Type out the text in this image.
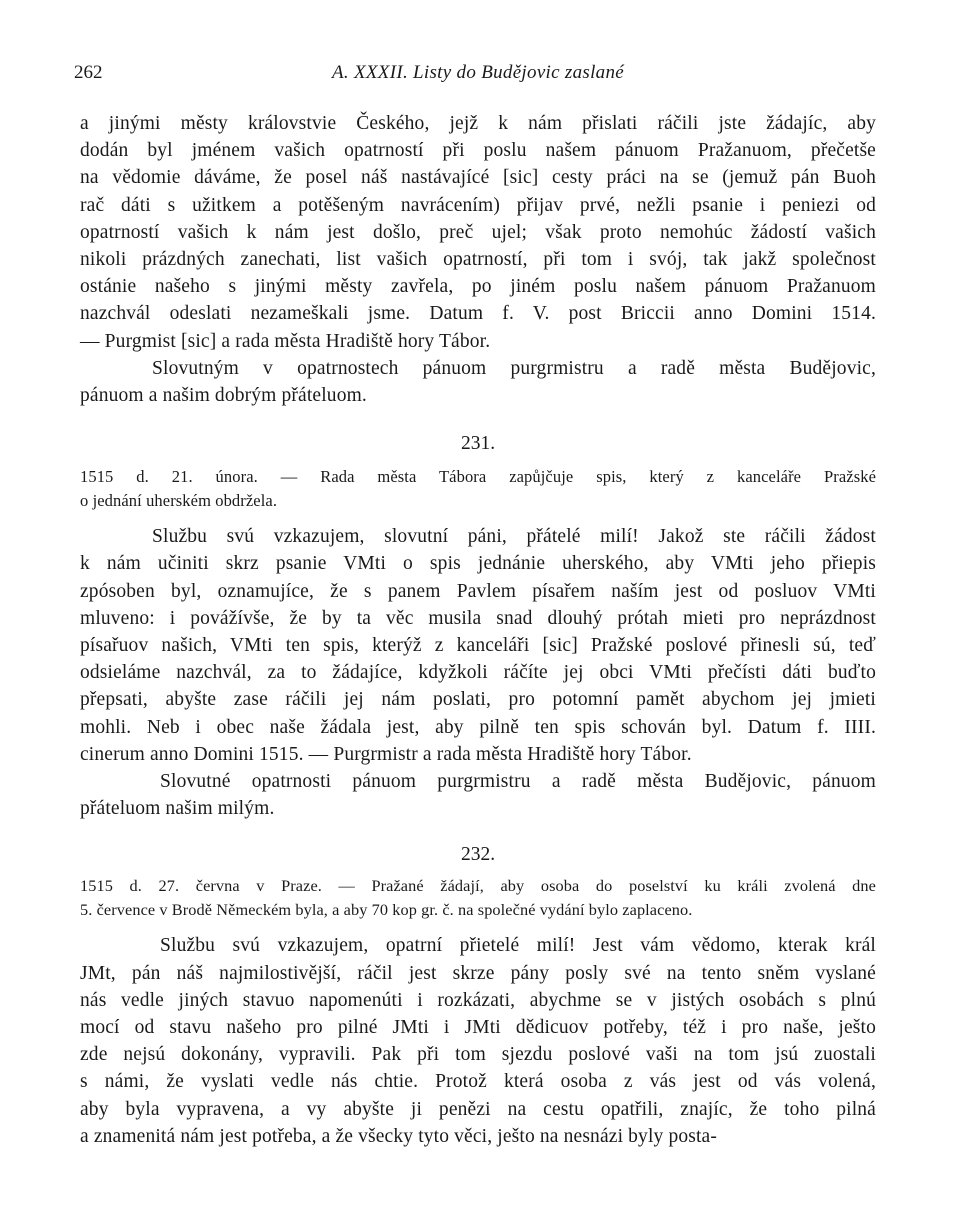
262	A. XXXII. Listy do Budějovic zaslané

a jinými městy královstvie Českého, jejž k nám přislati ráčili jste žádajíc, aby
dodán byl jménem vašich opatrností při poslu našem pánuom Pražanuom, přečetše
na vědomie dáváme, že posel náš nastávajícé [sic] cesty práci na se (jemuž pán Buoh
rač dáti s užitkem a potěšeným navrácením) přijav prvé, nežli psanie i peniezi od
opatrností vašich k nám jest došlo, preč ujel; však proto nemohúc žádostí vašich
nikoli prázdných zanechati, list vašich opatrností, při tom i svój, tak jakž společnost
ostánie našeho s jinými městy zavřela, po jiném poslu našem pánuom Pražanuom
nazchvál odeslati nezameškali jsme. Datum f. V. post Briccii anno Domini 1514.
— Purgmist [sic] a rada města Hradiště hory Tábor.

Slovutným v opatrnostech pánuom purgrmistru a radě města Budějovic,
pánuom a našim dobrým přáteluom.

231.

1515 d. 21. února. — Rada města Tábora zapůjčuje spis, který z kanceláře Pražské
o jednání uherském obdržela.

Službu svú vzkazujem, slovutní páni, přátelé milí! Jakož ste ráčili žádost
k nám učiniti skrz psanie VMti o spis jednánie uherského, aby VMti jeho přiepis
zpósoben byl, oznamujíce, že s panem Pavlem písařem naším jest od posluov VMti
mluveno: i povážívše, že by ta věc musila snad dlouhý prótah mieti pro neprázdnost
písařuov našich, VMti ten spis, kterýž z kanceláři [sic] Pražské poslové přinesli sú, teď
odsieláme nazchvál, za to žádajíce, kdyžkoli ráčíte jej obci VMti přečísti dáti buďto
přepsati, abyšte zase ráčili jej nám poslati, pro potomní pamět abychom jej jmieti
mohli. Neb i obec naše žádala jest, aby pilně ten spis schován byl. Datum f. IIII.
cinerum anno Domini 1515. — Purgrmistr a rada města Hradiště hory Tábor.

Slovutné opatrnosti pánuom purgrmistru a radě města Budějovic, pánuom
přáteluom našim milým.

232.

1515 d. 27. června v Praze. — Pražané žádají, aby osoba do poselství ku králi zvolená dne
5. července v Brodě Německém byla, a aby 70 kop gr. č. na společné vydání bylo zaplaceno.

Službu svú vzkazujem, opatrní přietelé milí! Jest vám vědomo, kterak král
JMt, pán náš najmilostivější, ráčil jest skrze pány posly své na tento sněm vyslané
nás vedle jiných stavuo napomenúti i rozkázati, abychme se v jistých osobách s plnú
mocí od stavu našeho pro pilné JMti i JMti dědicuov potřeby, též i pro naše, ješto
zde nejsú dokonány, vypravili. Pak při tom sjezdu poslové vaši na tom jsú zuostali
s námi, že vyslati vedle nás chtie. Protož která osoba z vás jest od vás volená,
aby byla vypravena, a vy abyšte ji penězi na cestu opatřili, znajíc, že toho pilná
a znamenitá nám jest potřeba, a že všecky tyto věci, ješto na nesnázi byly posta-
